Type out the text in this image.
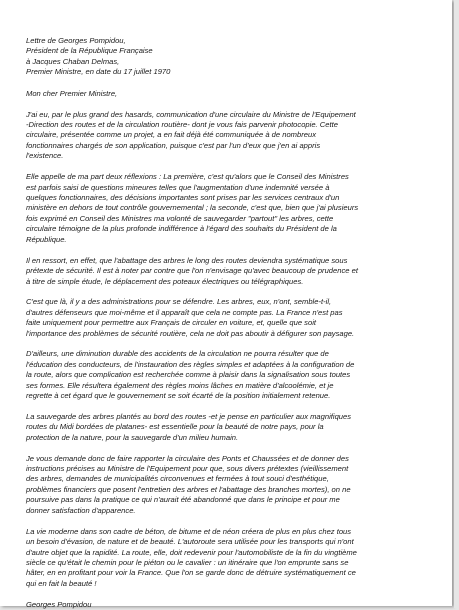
Lettre de Georges Pompidou,
Président de la République Française
à Jacques Chaban Delmas,
Premier Ministre, en date du 17 juillet 1970
Mon cher Premier Ministre,
J'ai eu, par le plus grand des hasards, communication d'une circulaire du Ministre de l'Equipement
-Direction des routes et de la circulation routière- dont je vous fais parvenir photocopie. Cette
circulaire, présentée comme un projet, a en fait déjà été communiquée à de nombreux
fonctionnaires chargés de son application, puisque c'est par l'un d'eux que j'en ai appris
l'existence.
Elle appelle de ma part deux réflexions : La première, c'est qu'alors que le Conseil des Ministres
est parfois saisi de questions mineures telles que l'augmentation d'une indemnité versée à
quelques fonctionnaires, des décisions importantes sont prises par les services centraux d'un
ministère en dehors de tout contrôle gouvernemental ; la seconde, c'est que, bien que j'ai plusieurs
fois exprimé en Conseil des Ministres ma volonté de sauvegarder "partout" les arbres, cette
circulaire témoigne de la plus profonde indifférence à l'égard des souhaits du Président de la
République.
Il en ressort, en effet, que l'abattage des arbres le long des routes deviendra systématique sous
prétexte de sécurité. Il est à noter par contre que l'on n'envisage qu'avec beaucoup de prudence et
à titre de simple étude, le déplacement des poteaux électriques ou télégraphiques.
C'est que là, il y a des administrations pour se défendre. Les arbres, eux, n'ont, semble-t-il,
d'autres défenseurs que moi-même et il apparaît que cela ne compte pas. La France n'est pas
faite uniquement pour permettre aux Français de circuler en voiture, et, quelle que soit
l'importance des problèmes de sécurité routière, cela ne doit pas aboutir à défigurer son paysage.
D'ailleurs, une diminution durable des accidents de la circulation ne pourra résulter que de
l'éducation des conducteurs, de l'instauration des règles simples et adaptées à la configuration de
la route, alors que complication est recherchée comme à plaisir dans la signalisation sous toutes
ses formes. Elle résultera également des règles moins lâches en matière d'alcoolémie, et je
regrette à cet égard que le gouvernement se soit écarté de la position initialement retenue.
La sauvegarde des arbres plantés au bord des routes -et je pense en particulier aux magnifiques
routes du Midi bordées de platanes- est essentielle pour la beauté de notre pays, pour la
protection de la nature, pour la sauvegarde d'un milieu humain.
Je vous demande donc de faire rapporter la circulaire des Ponts et Chaussées et de donner des
instructions précises au Ministre de l'Equipement pour que, sous divers prétextes (vieillissement
des arbres, demandes de municipalités circonvenues et fermées à tout souci d'esthétique,
problèmes financiers que posent l'entretien des arbres et l'abattage des branches mortes), on ne
poursuive pas dans la pratique ce qui n'aurait été abandonné que dans le principe et pour me
donner satisfaction d'apparence.
La vie moderne dans son cadre de béton, de bitume et de néon créera de plus en plus chez tous
un besoin d'évasion, de nature et de beauté. L'autoroute sera utilisée pour les transports qui n'ont
d'autre objet que la rapidité. La route, elle, doit redevenir pour l'automobiliste de la fin du vingtième
siècle ce qu'était le chemin pour le piéton ou le cavalier : un itinéraire que l'on emprunte sans se
hâter, en en profitant pour voir la France. Que l'on se garde donc de détruire systématiquement ce
qui en fait la beauté !
Georges Pompidou
